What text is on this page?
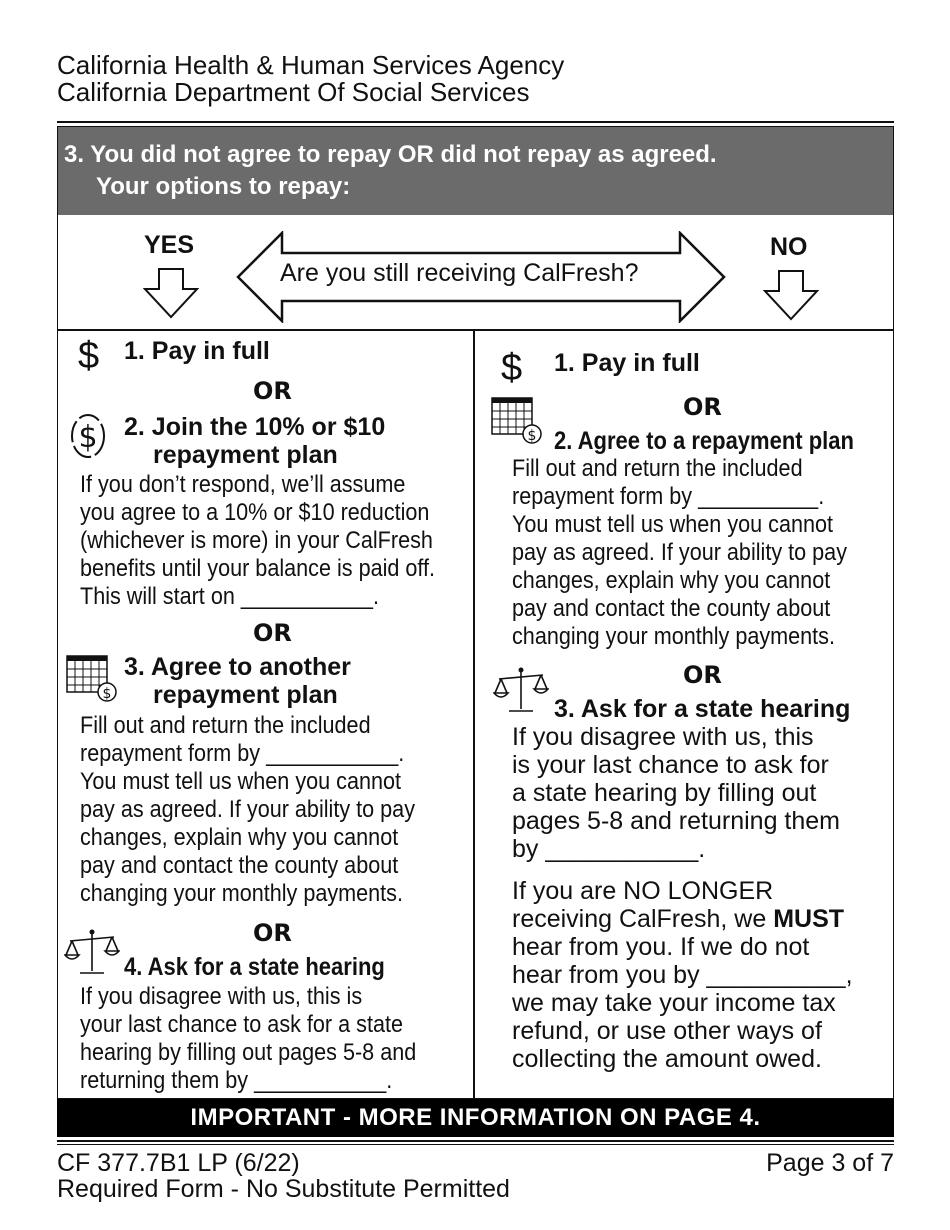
California Health & Human Services Agency
California Department Of Social Services
3. You did not agree to repay OR did not repay as agreed.
Your options to repay:
YES
Are you still receiving CalFresh?
NO
$ 1. Pay in full
OR
$ 2. Join the 10% or $10
repayment plan
If you don’t respond, we’ll assume
you agree to a 10% or $10 reduction
(whichever is more) in your CalFresh
benefits until your balance is paid off.
This will start on ___________.
OR
$
3. Agree to another
repayment plan
Fill out and return the included
repayment form by ___________.
You must tell us when you cannot
pay as agreed. If your ability to pay
changes, explain why you cannot
pay and contact the county about
changing your monthly payments.
OR
4. Ask for a state hearing
If you disagree with us, this is
your last chance to ask for a state
hearing by filling out pages 5-8 and
returning them by ___________.
$ 1. Pay in full
OR
$ 2. Agree to a repayment plan
Fill out and return the included
repayment form by __________.
You must tell us when you cannot
pay as agreed. If your ability to pay
changes, explain why you cannot
pay and contact the county about
changing your monthly payments.
OR
3. Ask for a state hearing
If you disagree with us, this
is your last chance to ask for
a state hearing by filling out
pages 5-8 and returning them
by ___________.
If you are NO LONGER
receiving CalFresh, we MUST
hear from you. If we do not
hear from you by __________,
we may take your income tax
refund, or use other ways of
collecting the amount owed.
IMPORTANT - MORE INFORMATION ON PAGE 4.
CF 377.7B1 LP (6/22)
Required Form - No Substitute Permitted
Page 3 of 7
